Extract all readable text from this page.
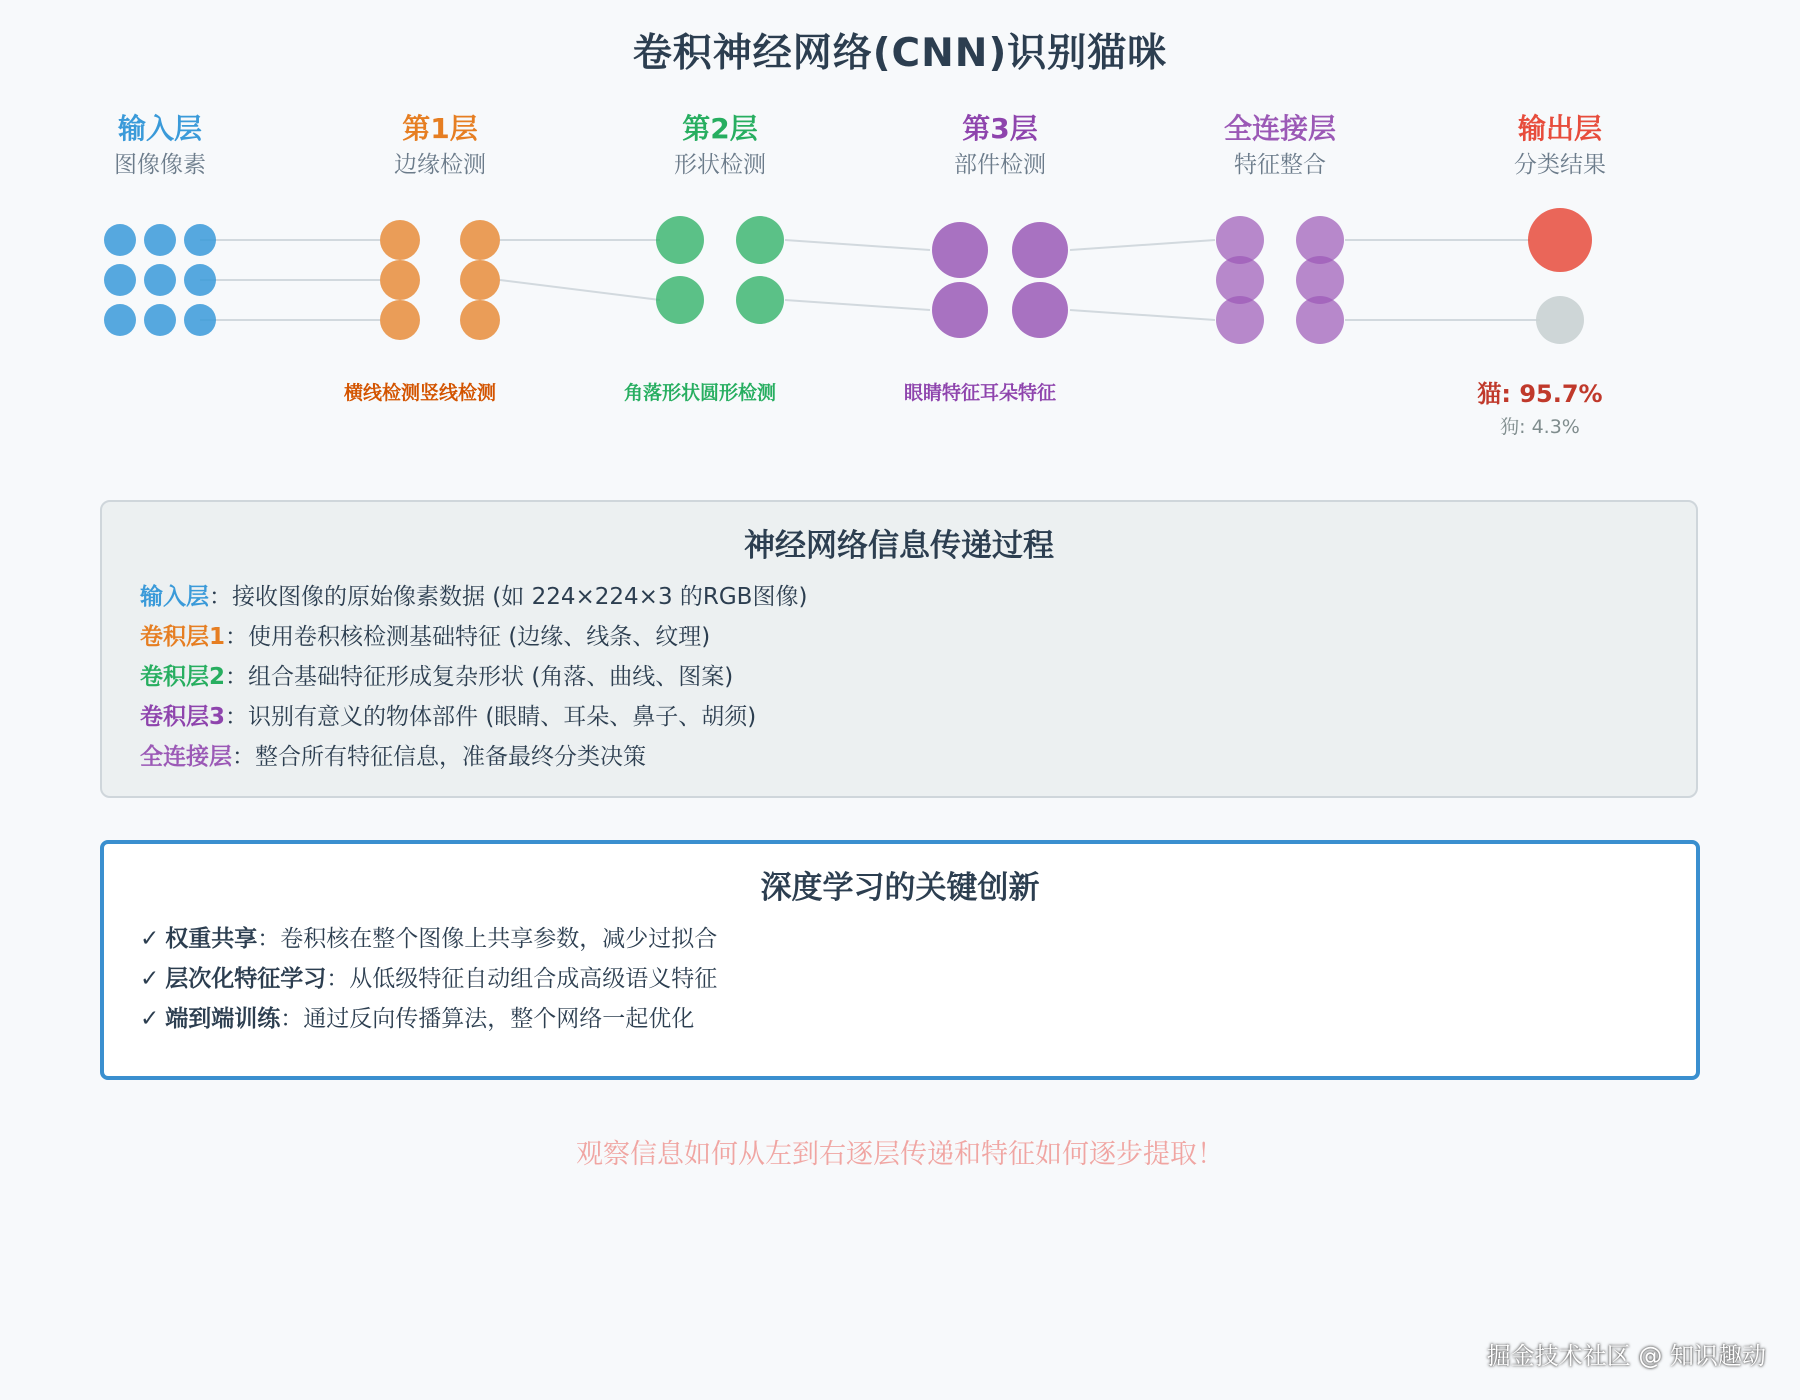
卷积神经网络(CNN)识别猫咪
输入层
图像像素
第1层
边缘检测
第2层
形状检测
第3层
部件检测
全连接层
特征整合
输出层
分类结果
横线检测竖线检测	角落形状圆形检测	眼睛特征耳朵特征	猫: 95.7%
狗: 4.3%
神经网络信息传递过程
输入层：接收图像的原始像素数据 (如 224×224×3 的RGB图像)
卷积层1：使用卷积核检测基础特征 (边缘、线条、纹理)
卷积层2：组合基础特征形成复杂形状 (角落、曲线、图案)
卷积层3：识别有意义的物体部件 (眼睛、耳朵、鼻子、胡须)
全连接层：整合所有特征信息，准备最终分类决策
深度学习的关键创新
✓ 权重共享：卷积核在整个图像上共享参数，减少过拟合
✓ 层次化特征学习：从低级特征自动组合成高级语义特征
✓ 端到端训练：通过反向传播算法，整个网络一起优化
观察信息如何从左到右逐层传递和特征如何逐步提取！
掘金技术社区 @ 知识趣动
